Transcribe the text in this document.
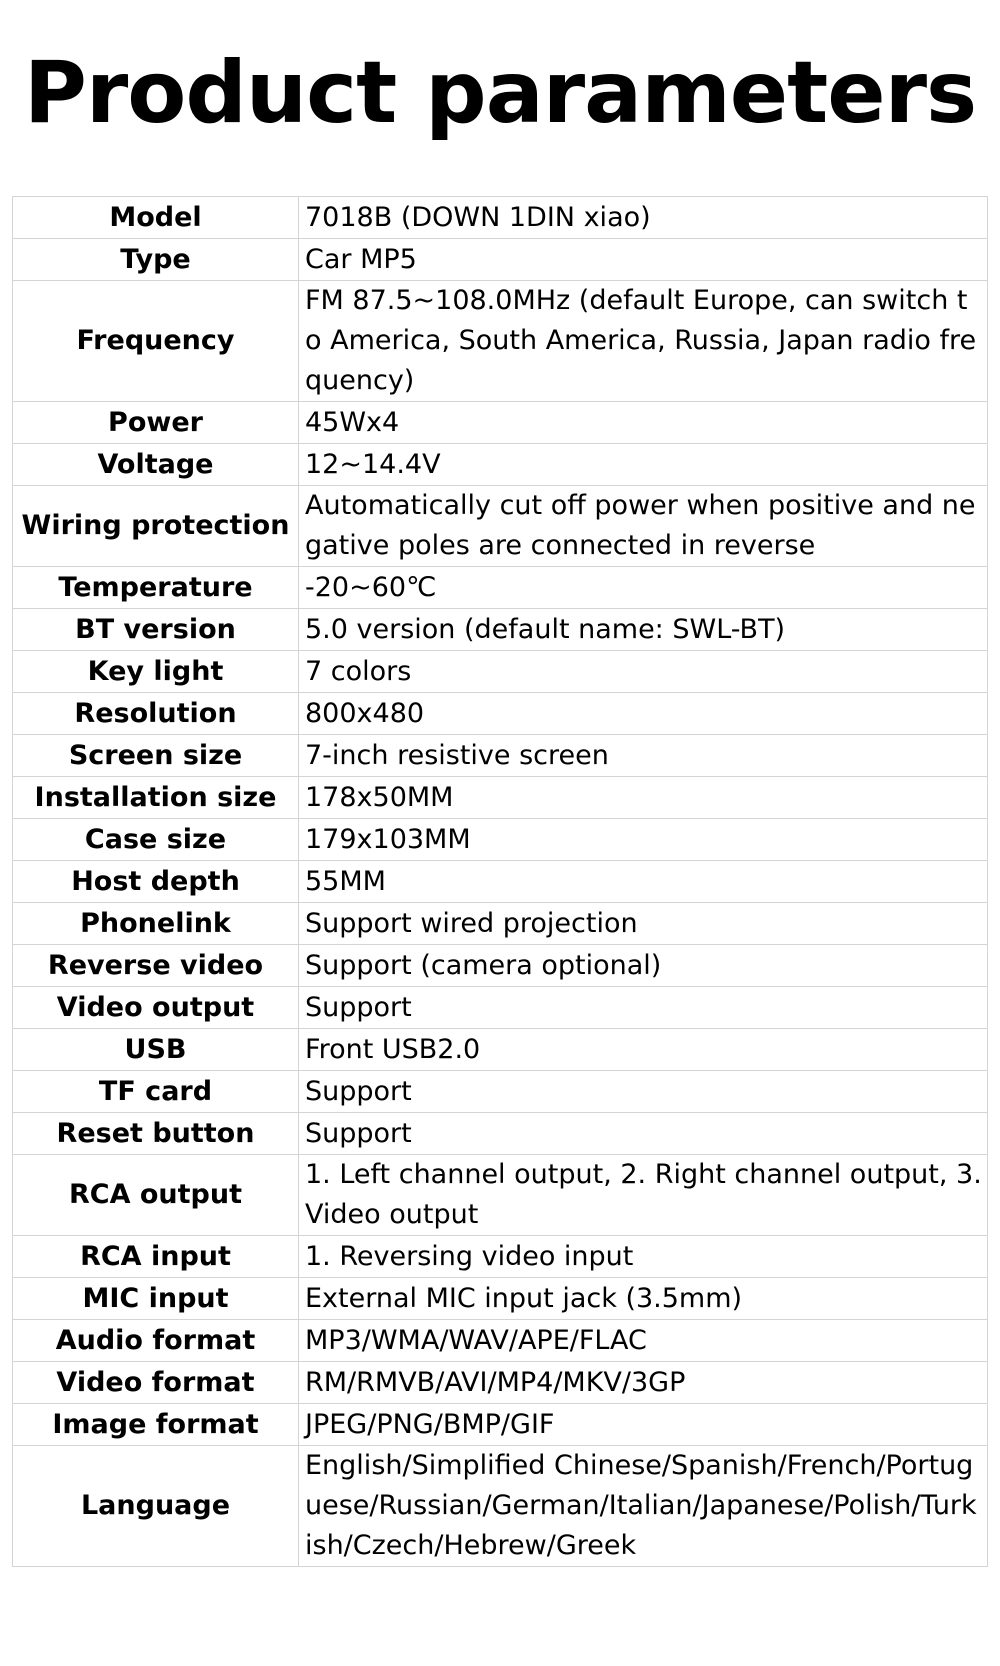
Product parameters
Model	7018B (DOWN 1DIN xiao)
Type	Car MP5
Frequency	FM 87.5~108.0MHz (default Europe, can switch to America, South America, Russia, Japan radio frequency)
Power	45Wx4
Voltage	12~14.4V
Wiring protection	Automatically cut off power when positive and negative poles are connected in reverse
Temperature	-20~60℃
BT version	5.0 version (default name: SWL-BT)
Key light	7 colors
Resolution	800x480
Screen size	7-inch resistive screen
Installation size	178x50MM
Case size	179x103MM
Host depth	55MM
Phonelink	Support wired projection
Reverse video	Support (camera optional)
Video output	Support
USB	Front USB2.0
TF card	Support
Reset button	Support
RCA output	1. Left channel output, 2. Right channel output, 3. Video output
RCA input	1. Reversing video input
MIC input	External MIC input jack (3.5mm)
Audio format	MP3/WMA/WAV/APE/FLAC
Video format	RM/RMVB/AVI/MP4/MKV/3GP
Image format	JPEG/PNG/BMP/GIF
Language	English/Simplified Chinese/Spanish/French/Portuguese/Russian/German/Italian/Japanese/Polish/Turkish/Czech/Hebrew/Greek
